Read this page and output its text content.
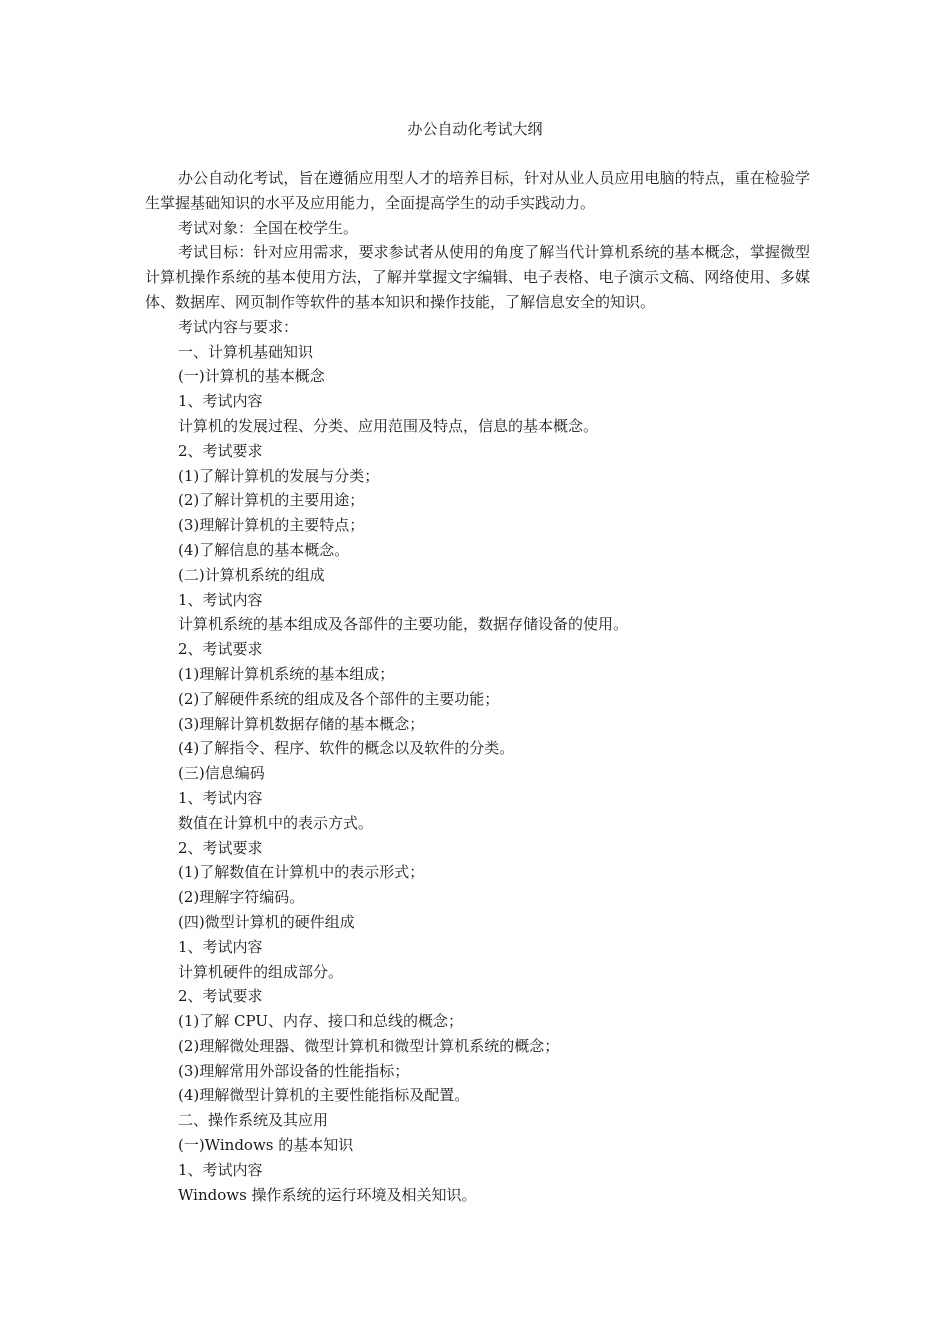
办公自动化考试大纲

办公自动化考试，旨在遵循应用型人才的培养目标，针对从业人员应用电脑的特点，重在检验学生掌握基础知识的水平及应用能力，全面提高学生的动手实践动力。

考试对象：全国在校学生。

考试目标：针对应用需求，要求参试者从使用的角度了解当代计算机系统的基本概念，掌握微型计算机操作系统的基本使用方法，了解并掌握文字编辑、电子表格、电子演示文稿、网络使用、多媒体、数据库、网页制作等软件的基本知识和操作技能，了解信息安全的知识。

考试内容与要求：

一、计算机基础知识

(一)计算机的基本概念

1、考试内容

计算机的发展过程、分类、应用范围及特点，信息的基本概念。

2、考试要求

(1)了解计算机的发展与分类；

(2)了解计算机的主要用途；

(3)理解计算机的主要特点；

(4)了解信息的基本概念。

(二)计算机系统的组成

1、考试内容

计算机系统的基本组成及各部件的主要功能，数据存储设备的使用。

2、考试要求

(1)理解计算机系统的基本组成；

(2)了解硬件系统的组成及各个部件的主要功能；

(3)理解计算机数据存储的基本概念；

(4)了解指令、程序、软件的概念以及软件的分类。

(三)信息编码

1、考试内容

数值在计算机中的表示方式。

2、考试要求

(1)了解数值在计算机中的表示形式；

(2)理解字符编码。

(四)微型计算机的硬件组成

1、考试内容

计算机硬件的组成部分。

2、考试要求

(1)了解 CPU、内存、接口和总线的概念；

(2)理解微处理器、微型计算机和微型计算机系统的概念；

(3)理解常用外部设备的性能指标；

(4)理解微型计算机的主要性能指标及配置。

二、操作系统及其应用

(一)Windows 的基本知识

1、考试内容

Windows 操作系统的运行环境及相关知识。
